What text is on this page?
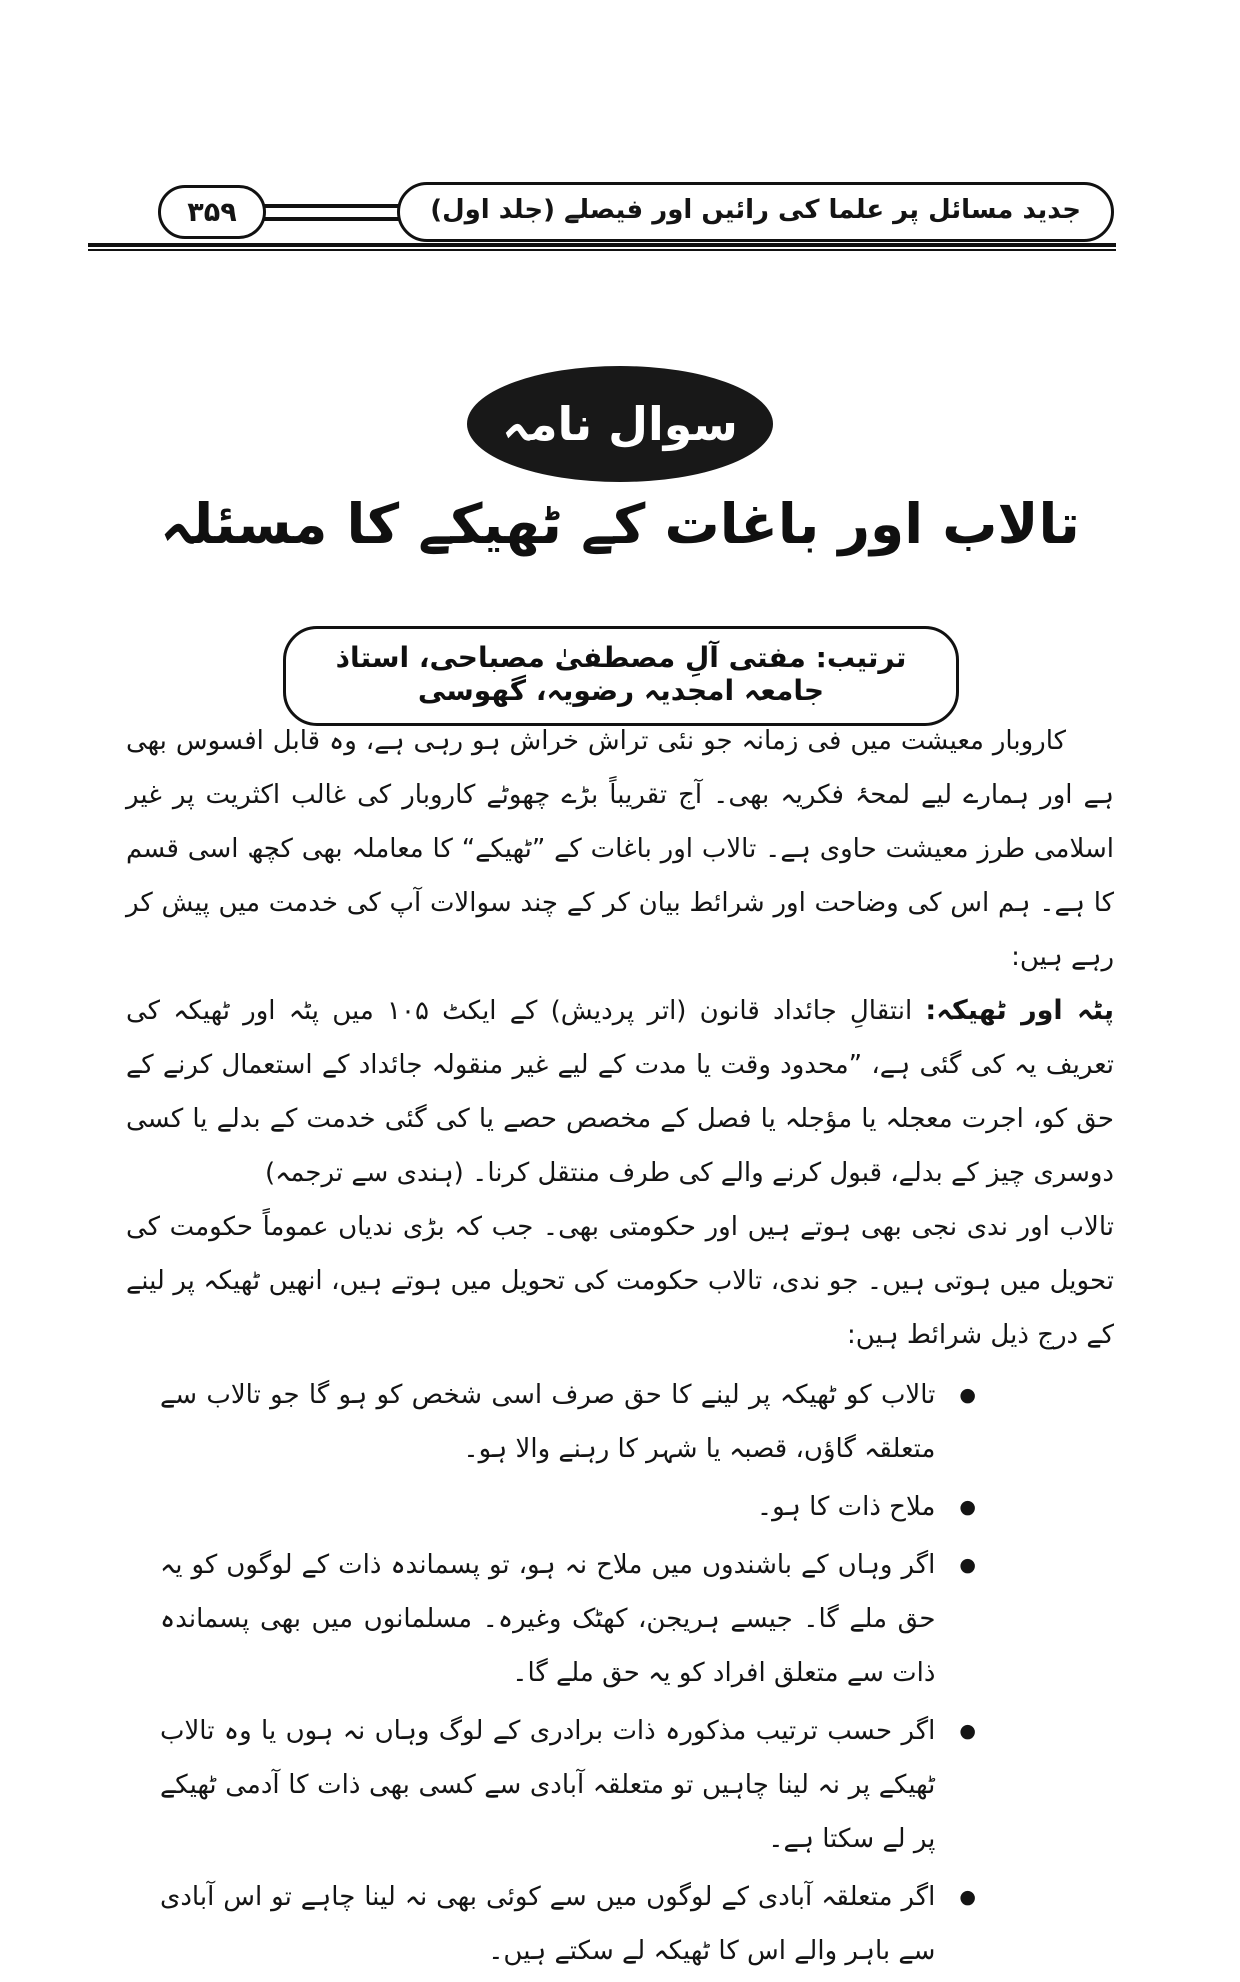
۳۵۹	جدید مسائل پر علما کی رائیں اور فیصلے (جلد اول)
سوال نامہ
تالاب اور باغات کے ٹھیکے کا مسئلہ
ترتیب: مفتی آلِ مصطفیٰ مصباحی، استاذ جامعہ امجدیہ رضویہ، گھوسی

کاروبار معیشت میں فی زمانہ جو نئی تراش خراش ہو رہی ہے، وہ قابل افسوس بھی ہے اور ہمارے لیے لمحۂ فکریہ بھی۔ آج تقریباً بڑے چھوٹے کاروبار کی غالب اکثریت پر غیر اسلامی طرز معیشت حاوی ہے۔ تالاب اور باغات کے ”ٹھیکے“ کا معاملہ بھی کچھ اسی قسم کا ہے۔ ہم اس کی وضاحت اور شرائط بیان کر کے چند سوالات آپ کی خدمت میں پیش کر رہے ہیں:

پٹہ اور ٹھیکہ: انتقالِ جائداد قانون (اتر پردیش) کے ایکٹ ۱۰۵ میں پٹہ اور ٹھیکہ کی تعریف یہ کی گئی ہے، ”محدود وقت یا مدت کے لیے غیر منقولہ جائداد کے استعمال کرنے کے حق کو، اجرت معجلہ یا مؤجلہ یا فصل کے مخصص حصے یا کی گئی خدمت کے بدلے یا کسی دوسری چیز کے بدلے، قبول کرنے والے کی طرف منتقل کرنا۔ (ہندی سے ترجمہ)

تالاب اور ندی نجی بھی ہوتے ہیں اور حکومتی بھی۔ جب کہ بڑی ندیاں عموماً حکومت کی تحویل میں ہوتی ہیں۔ جو ندی، تالاب حکومت کی تحویل میں ہوتے ہیں، انھیں ٹھیکہ پر لینے کے درج ذیل شرائط ہیں:

●
تالاب کو ٹھیکہ پر لینے کا حق صرف اسی شخص کو ہو گا جو تالاب سے متعلقہ گاؤں، قصبہ یا شہر کا رہنے والا ہو۔
●
ملاح ذات کا ہو۔
●
اگر وہاں کے باشندوں میں ملاح نہ ہو، تو پسماندہ ذات کے لوگوں کو یہ حق ملے گا۔ جیسے ہریجن، کھٹک وغیرہ۔ مسلمانوں میں بھی پسماندہ ذات سے متعلق افراد کو یہ حق ملے گا۔
●
اگر حسب ترتیب مذکورہ ذات برادری کے لوگ وہاں نہ ہوں یا وہ تالاب ٹھیکے پر نہ لینا چاہیں تو متعلقہ آبادی سے کسی بھی ذات کا آدمی ٹھیکے پر لے سکتا ہے۔
●
اگر متعلقہ آبادی کے لوگوں میں سے کوئی بھی نہ لینا چاہے تو اس آبادی سے باہر والے اس کا ٹھیکہ لے سکتے ہیں۔
